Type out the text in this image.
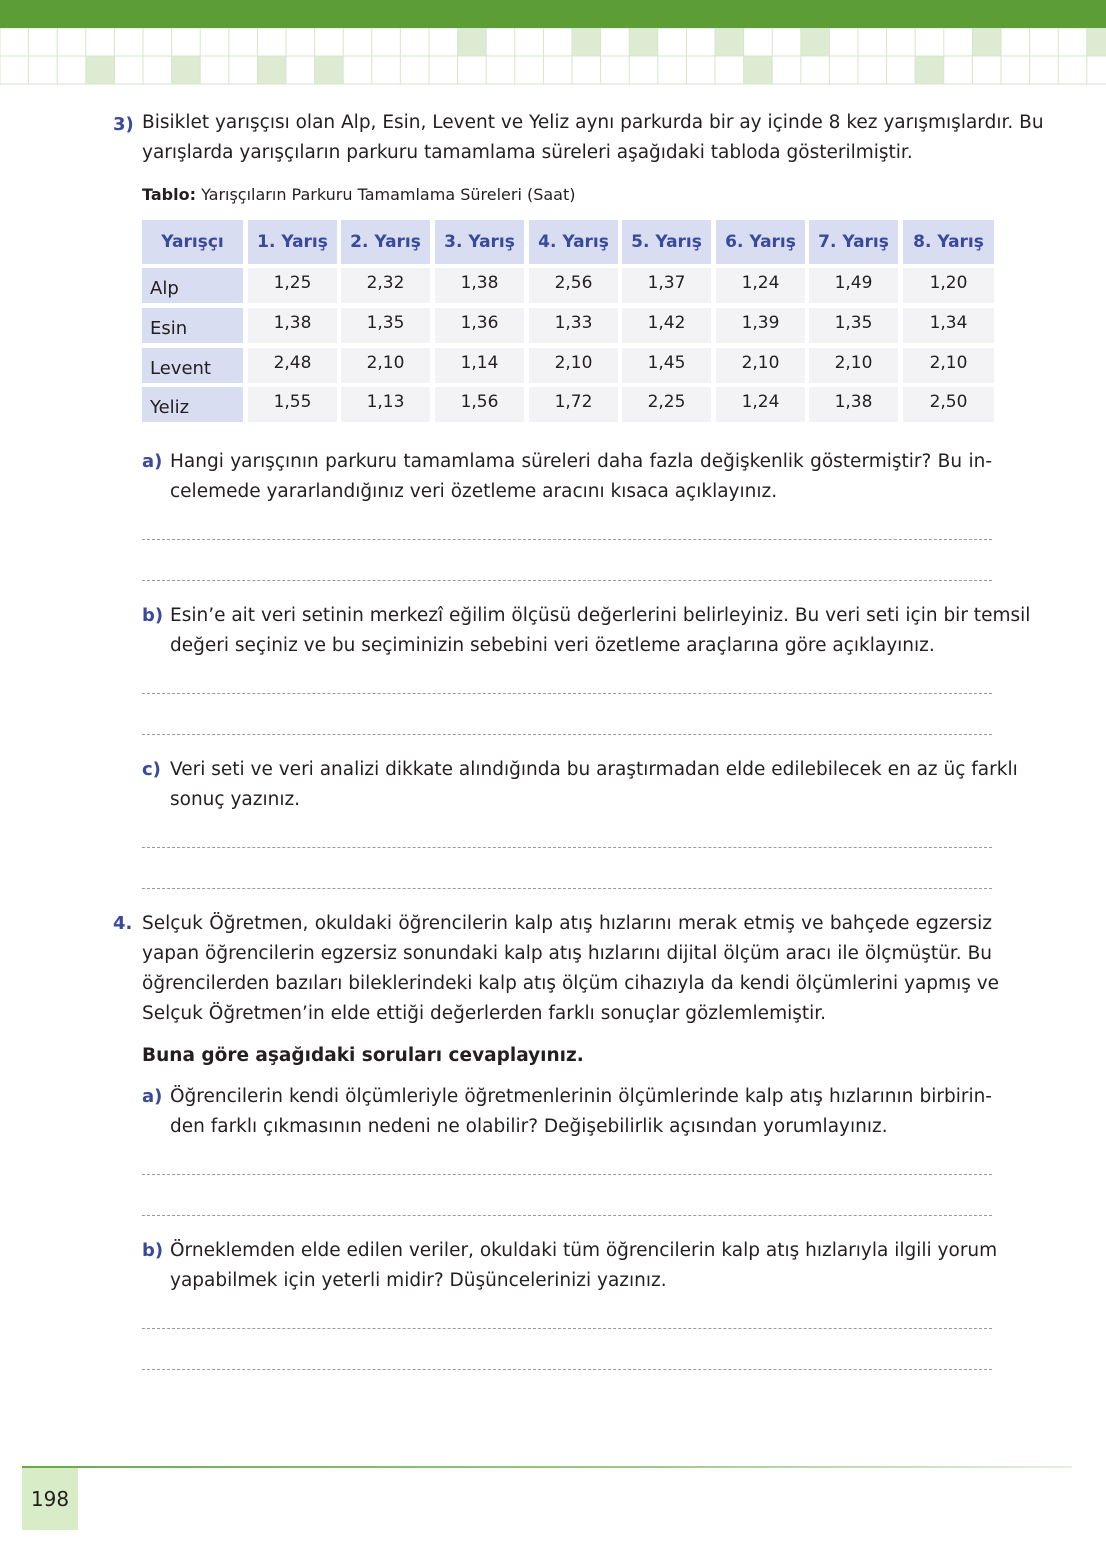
3) Bisiklet yarışçısı olan Alp, Esin, Levent ve Yeliz aynı parkurda bir ay içinde 8 kez yarışmışlardır. Bu
yarışlarda yarışçıların parkuru tamamlama süreleri aşağıdaki tabloda gösterilmiştir.
Tablo: Yarışçıların Parkuru Tamamlama Süreleri (Saat)
Yarışçı	1. Yarış	2. Yarış	3. Yarış	4. Yarış	5. Yarış	6. Yarış	7. Yarış	8. Yarış
Alp	1,25	2,32	1,38	2,56	1,37	1,24	1,49	1,20
Esin	1,38	1,35	1,36	1,33	1,42	1,39	1,35	1,34
Levent	2,48	2,10	1,14	2,10	1,45	2,10	2,10	2,10
Yeliz	1,55	1,13	1,56	1,72	2,25	1,24	1,38	2,50
a) Hangi yarışçının parkuru tamamlama süreleri daha fazla değişkenlik göstermiştir? Bu in-
celemede yararlandığınız veri özetleme aracını kısaca açıklayınız.
b) Esin’e ait veri setinin merkezî eğilim ölçüsü değerlerini belirleyiniz. Bu veri seti için bir temsil
değeri seçiniz ve bu seçiminizin sebebini veri özetleme araçlarına göre açıklayınız.
c) Veri seti ve veri analizi dikkate alındığında bu araştırmadan elde edilebilecek en az üç farklı
sonuç yazınız.
4. Selçuk Öğretmen, okuldaki öğrencilerin kalp atış hızlarını merak etmiş ve bahçede egzersiz
yapan öğrencilerin egzersiz sonundaki kalp atış hızlarını dijital ölçüm aracı ile ölçmüştür. Bu
öğrencilerden bazıları bileklerindeki kalp atış ölçüm cihazıyla da kendi ölçümlerini yapmış ve
Selçuk Öğretmen’in elde ettiği değerlerden farklı sonuçlar gözlemlemiştir.
Buna göre aşağıdaki soruları cevaplayınız.
a) Öğrencilerin kendi ölçümleriyle öğretmenlerinin ölçümlerinde kalp atış hızlarının birbirin-
den farklı çıkmasının nedeni ne olabilir? Değişebilirlik açısından yorumlayınız.
b) Örneklemden elde edilen veriler, okuldaki tüm öğrencilerin kalp atış hızlarıyla ilgili yorum
yapabilmek için yeterli midir? Düşüncelerinizi yazınız.
198
